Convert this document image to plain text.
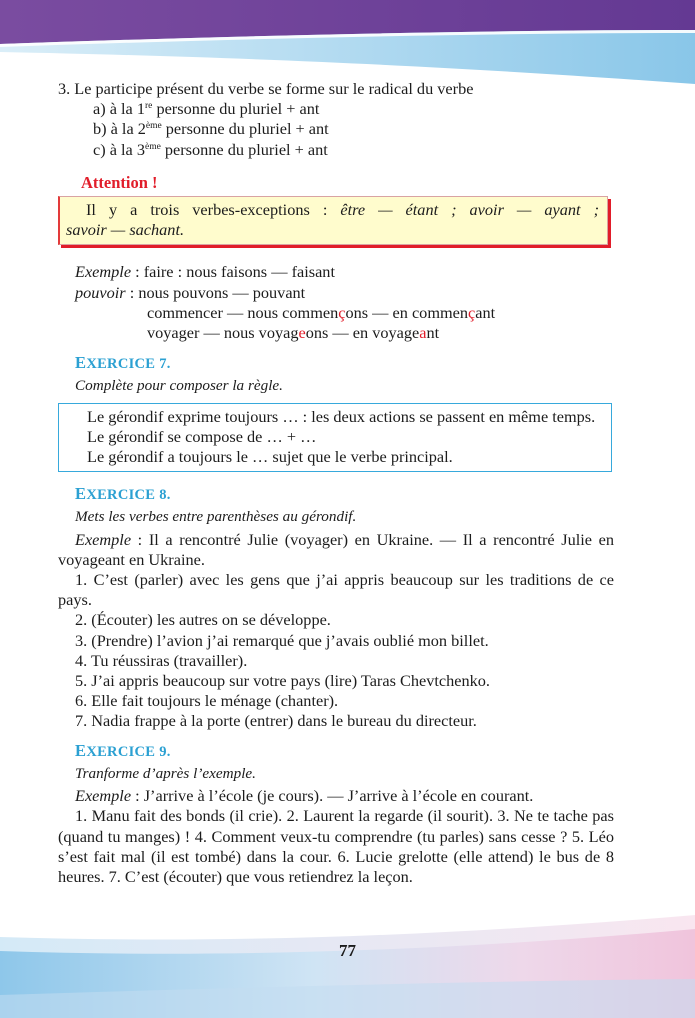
3. Le participe présent du verbe se forme sur le radical du verbe
a) à la 1re personne du pluriel + ant
b) à la 2ème personne du pluriel + ant
c) à la 3ème personne du pluriel + ant
Attention !
Il y a trois verbes-exceptions : être — étant ; avoir — ayant ;
savoir — sachant.
Exemple : faire : nous faisons — faisant
pouvoir : nous pouvons — pouvant
commencer — nous commençons — en commençant
voyager — nous voyageons — en voyageant
EXERCICE 7.
Complète pour composer la règle.
Le gérondif exprime toujours … : les deux actions se passent en même temps.
Le gérondif se compose de … + …
Le gérondif a toujours le … sujet que le verbe principal.
EXERCICE 8.
Mets les verbes entre parenthèses au gérondif.
Exemple : Il a rencontré Julie (voyager) en Ukraine. — Il a rencontré Julie en voyageant en Ukraine.
1. C’est (parler) avec les gens que j’ai appris beaucoup sur les traditions de ce pays.
2. (Écouter) les autres on se développe.
3. (Prendre) l’avion j’ai remarqué que j’avais oublié mon billet.
4. Tu réussiras (travailler).
5. J’ai appris beaucoup sur votre pays (lire) Taras Chevtchenko.
6. Elle fait toujours le ménage (chanter).
7. Nadia frappe à la porte (entrer) dans le bureau du directeur.
EXERCICE 9.
Tranforme d’après l’exemple.
Exemple : J’arrive à l’école (je cours). — J’arrive à l’école en courant.
1. Manu fait des bonds (il crie). 2. Laurent la regarde (il sourit). 3. Ne te tache pas (quand tu manges) ! 4. Comment veux-tu comprendre (tu parles) sans cesse ? 5. Léo s’est fait mal (il est tombé) dans la cour. 6. Lucie grelotte (elle attend) le bus de 8 heures. 7. C’est (écouter) que vous retiendrez la leçon.
77
